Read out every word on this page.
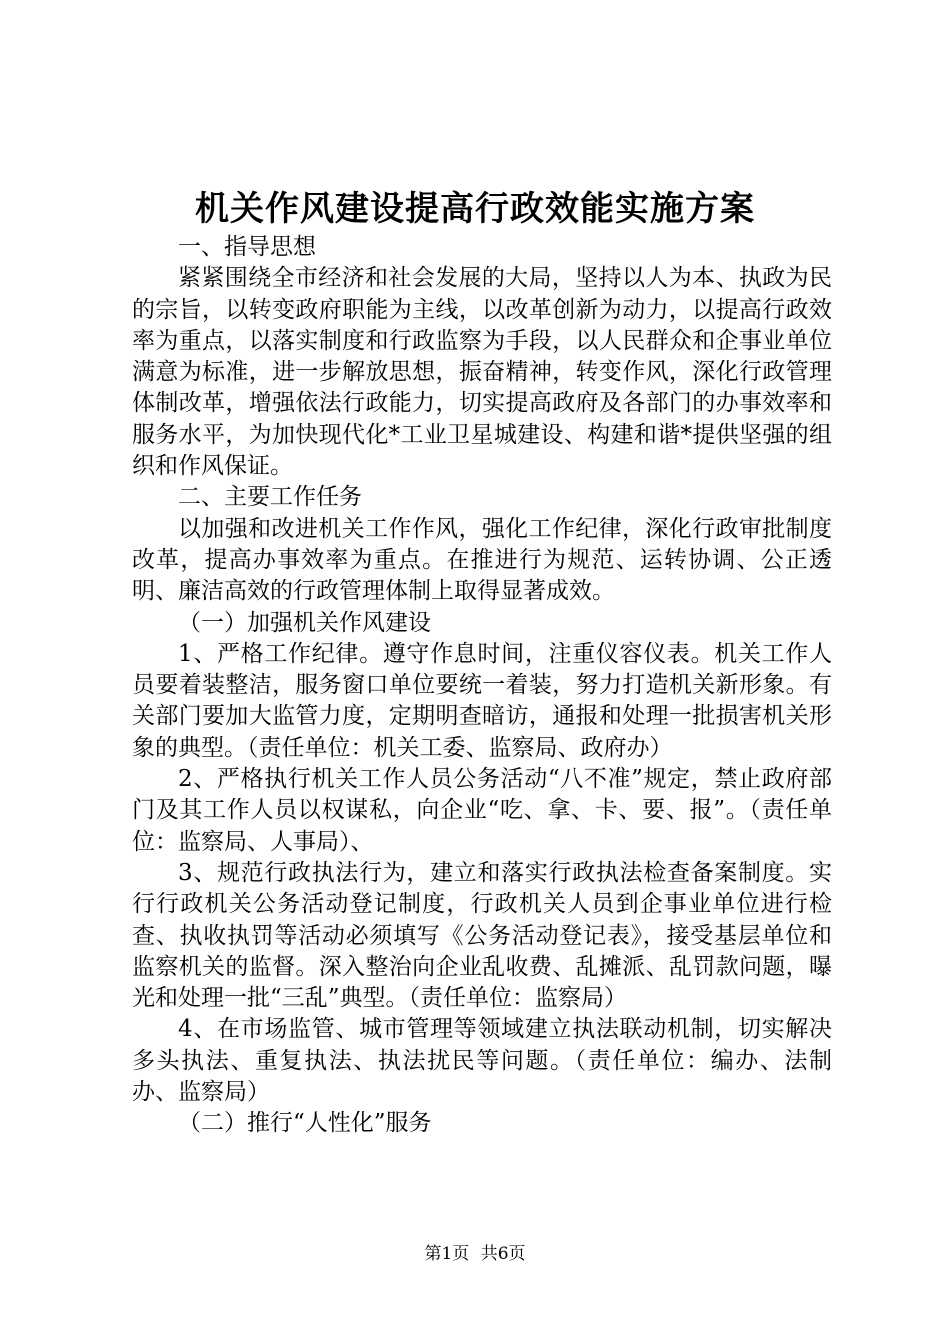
机关作风建设提高行政效能实施方案

一、指导思想

紧紧围绕全市经济和社会发展的大局，坚持以人为本、执政为民的宗旨，以转变政府职能为主线，以改革创新为动力，以提高行政效率为重点，以落实制度和行政监察为手段，以人民群众和企事业单位满意为标准，进一步解放思想，振奋精神，转变作风，深化行政管理体制改革，增强依法行政能力，切实提高政府及各部门的办事效率和服务水平，为加快现代化*工业卫星城建设、构建和谐*提供坚强的组织和作风保证。

二、主要工作任务

以加强和改进机关工作作风，强化工作纪律，深化行政审批制度改革，提高办事效率为重点。在推进行为规范、运转协调、公正透明、廉洁高效的行政管理体制上取得显著成效。

（一）加强机关作风建设

1、严格工作纪律。遵守作息时间，注重仪容仪表。机关工作人员要着装整洁，服务窗口单位要统一着装，努力打造机关新形象。有关部门要加大监管力度，定期明查暗访，通报和处理一批损害机关形象的典型。（责任单位：机关工委、监察局、政府办）

2、严格执行机关工作人员公务活动“八不准”规定，禁止政府部门及其工作人员以权谋私，向企业“吃、拿、卡、要、报”。（责任单位：监察局、人事局）、

3、规范行政执法行为，建立和落实行政执法检查备案制度。实行行政机关公务活动登记制度，行政机关人员到企事业单位进行检查、执收执罚等活动必须填写《公务活动登记表》，接受基层单位和监察机关的监督。深入整治向企业乱收费、乱摊派、乱罚款问题，曝光和处理一批“三乱”典型。（责任单位：监察局）

4、在市场监管、城市管理等领域建立执法联动机制，切实解决多头执法、重复执法、执法扰民等问题。（责任单位：编办、法制办、监察局）

（二）推行“人性化”服务

第1页 共6页
